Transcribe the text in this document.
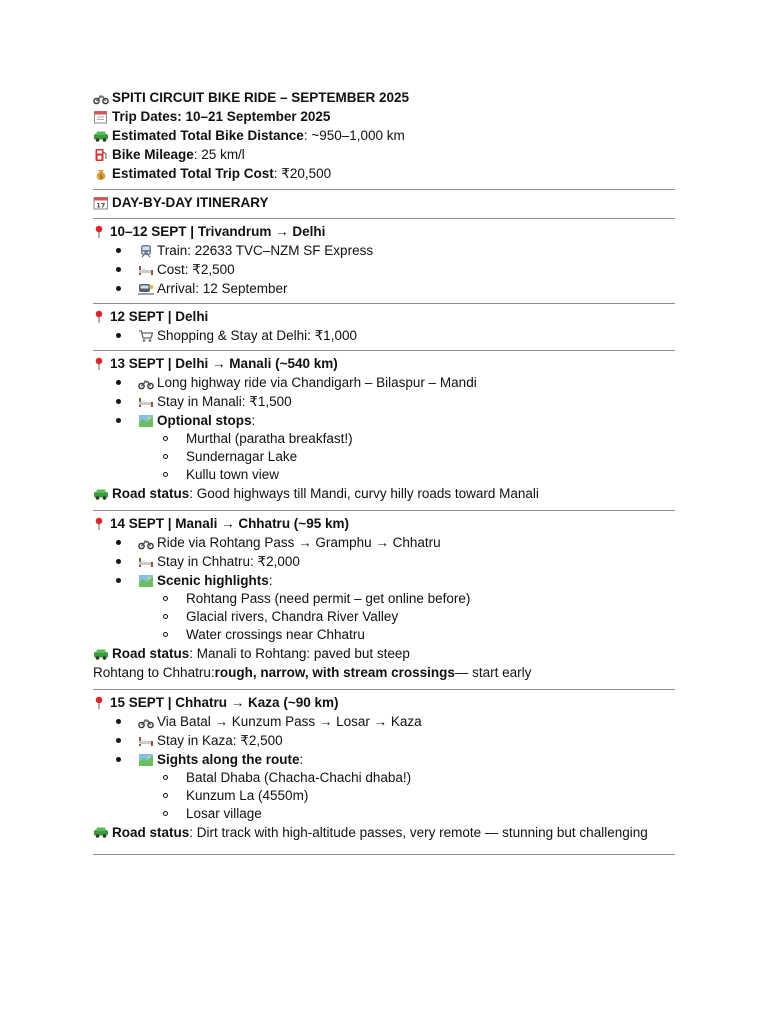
SPITI CIRCUIT BIKE RIDE – SEPTEMBER 2025
Trip Dates: 10–21 September 2025
Estimated Total Bike Distance : ~950–1,000 km
Bike Mileage : 25 km/l
$ Estimated Total Trip Cost : ₹20,500
17 DAY-BY-DAY ITINERARY
10–12 SEPT | Trivandrum → Delhi
Train: 22633 TVC–NZM SF Express
Cost: ₹2,500
Arrival: 12 September
12 SEPT | Delhi
Shopping & Stay at Delhi: ₹1,000
13 SEPT | Delhi → Manali (~540 km)
Long highway ride via Chandigarh – Bilaspur – Mandi
Stay in Manali: ₹1,500
Optional stops :
Murthal (paratha breakfast!)
Sundernagar Lake
Kullu town view
Road status : Good highways till Mandi, curvy hilly roads toward Manali
14 SEPT | Manali → Chhatru (~95 km)
Ride via Rohtang Pass → Gramphu → Chhatru
Stay in Chhatru: ₹2,000
Scenic highlights :
Rohtang Pass (need permit – get online before)
Glacial rivers, Chandra River Valley
Water crossings near Chhatru
Road status : Manali to Rohtang: paved but steep
Rohtang to Chhatru: rough, narrow, with stream crossings — start early
15 SEPT | Chhatru → Kaza (~90 km)
Via Batal → Kunzum Pass → Losar → Kaza
Stay in Kaza: ₹2,500
Sights along the route :
Batal Dhaba (Chacha-Chachi dhaba!)
Kunzum La (4550m)
Losar village
Road status: Dirt track with high-altitude passes, very remote — stunning but challenging
